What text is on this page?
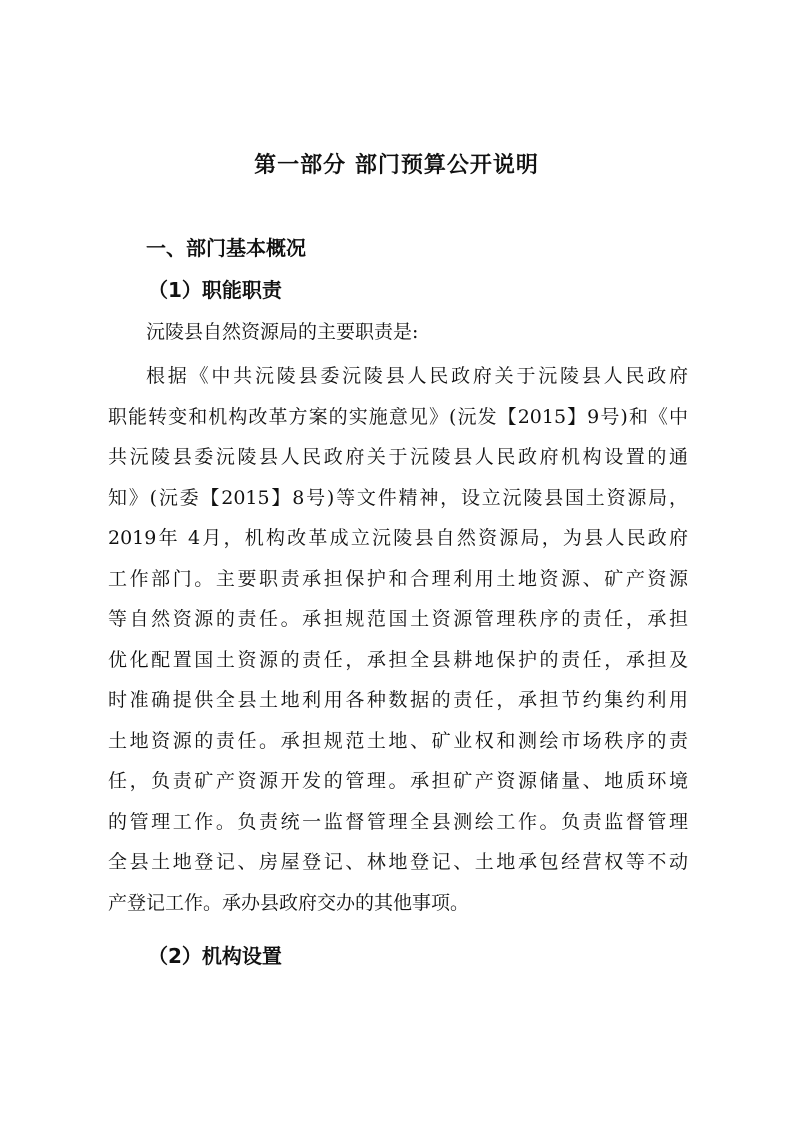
第一部分 部门预算公开说明
一、部门基本概况
（1）职能职责
沅陵县自然资源局的主要职责是:
根据《中共沅陵县委沅陵县人民政府关于沅陵县人民政府
职能转变和机构改革方案的实施意见》(沅发【2015】9号)和《中
共沅陵县委沅陵县人民政府关于沅陵县人民政府机构设置的通
知》(沅委【2015】8号)等文件精神，设立沅陵县国土资源局，
2019年 4月，机构改革成立沅陵县自然资源局，为县人民政府
工作部门。主要职责承担保护和合理利用土地资源、矿产资源
等自然资源的责任。承担规范国土资源管理秩序的责任，承担
优化配置国土资源的责任，承担全县耕地保护的责任，承担及
时准确提供全县土地利用各种数据的责任，承担节约集约利用
土地资源的责任。承担规范土地、矿业权和测绘市场秩序的责
任，负责矿产资源开发的管理。承担矿产资源储量、地质环境
的管理工作。负责统一监督管理全县测绘工作。负责监督管理
全县土地登记、房屋登记、林地登记、土地承包经营权等不动
产登记工作。承办县政府交办的其他事项。
（2）机构设置
